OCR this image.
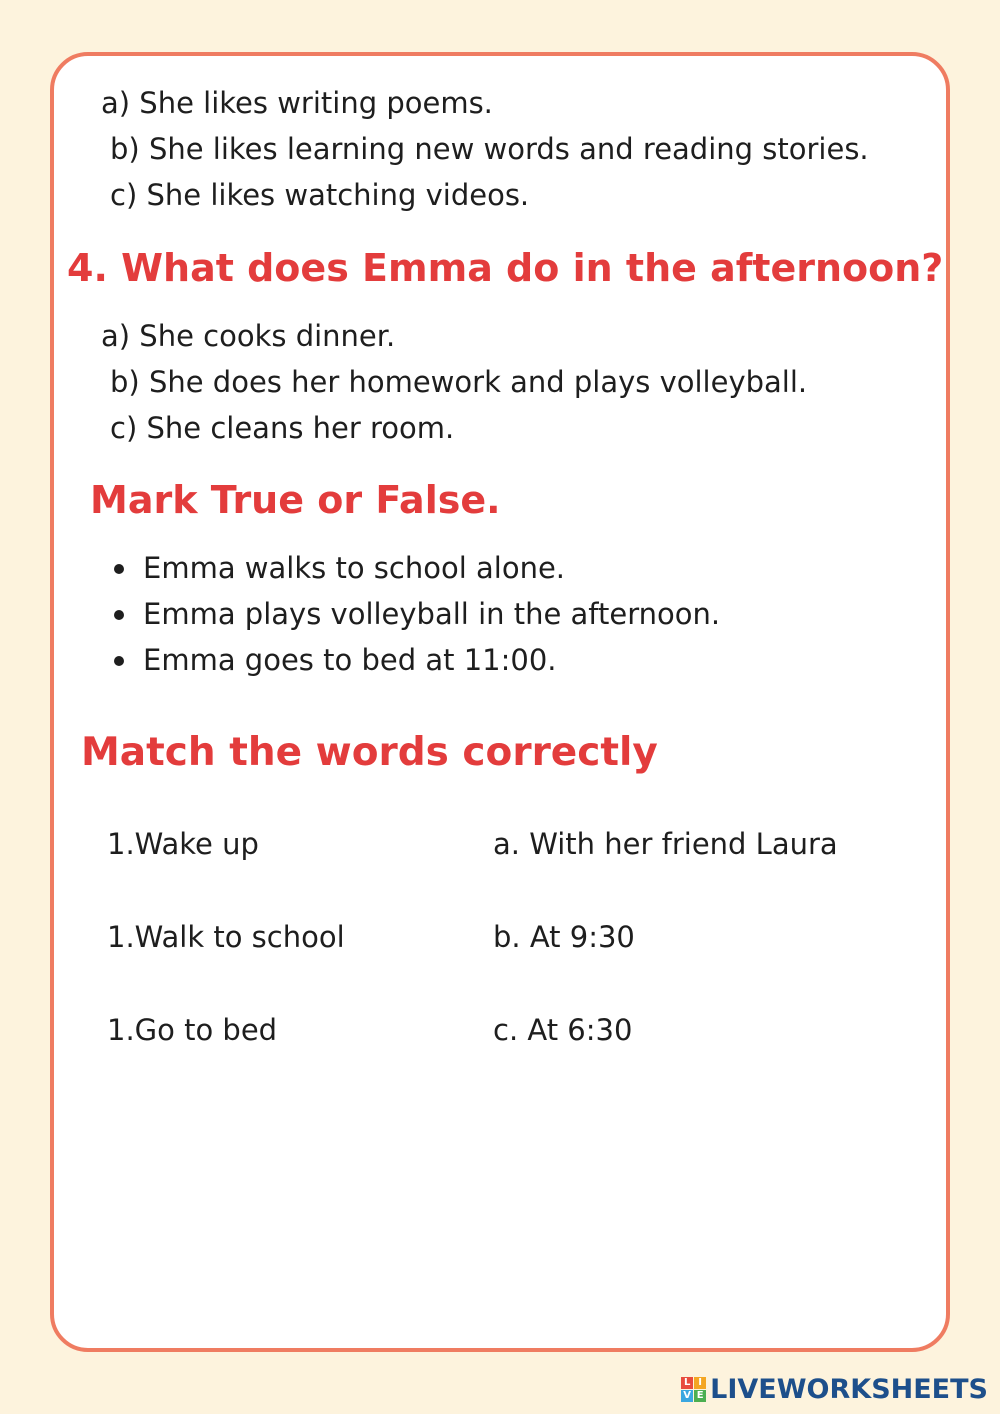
a) She likes writing poems.

b) She likes learning new words and reading stories.

c) She likes watching videos.

4. What does Emma do in the afternoon?

a) She cooks dinner.

b) She does her homework and plays volleyball.

c) She cleans her room.

Mark True or False.

Emma walks to school alone.

Emma plays volleyball in the afternoon.

Emma goes to bed at 11:00.

Match the words correctly

1.Wake up	a. With her friend Laura

1.Walk to school	b. At 9:30

1.Go to bed	c. At 6:30

L I
V E LIVEWORKSHEETS
